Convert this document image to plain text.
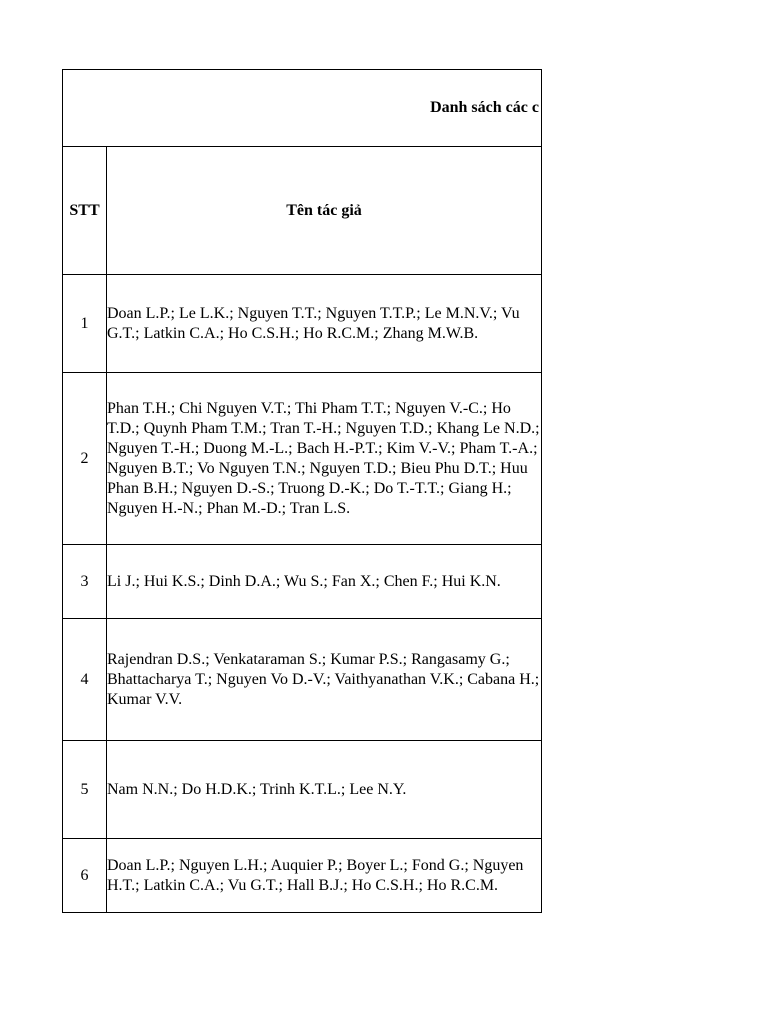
Danh sách các c	
STT	Tên tác giả
1	Doan L.P.; Le L.K.; Nguyen T.T.; Nguyen T.T.P.; Le M.N.V.; Vu G.T.; Latkin C.A.; Ho C.S.H.; Ho R.C.M.; Zhang M.W.B.
2	Phan T.H.; Chi Nguyen V.T.; Thi Pham T.T.; Nguyen V.-C.; Ho T.D.; Quynh Pham T.M.; Tran T.-H.; Nguyen T.D.; Khang Le N.D.; Nguyen T.-H.; Duong M.-L.; Bach H.-P.T.; Kim V.-V.; Pham T.-A.; Nguyen B.T.; Vo Nguyen T.N.; Nguyen T.D.; Bieu Phu D.T.; Huu Phan B.H.; Nguyen D.-S.; Truong D.-K.; Do T.-T.T.; Giang H.; Nguyen H.-N.; Phan M.-D.; Tran L.S.
3	Li J.; Hui K.S.; Dinh D.A.; Wu S.; Fan X.; Chen F.; Hui K.N.
4	Rajendran D.S.; Venkataraman S.; Kumar P.S.; Rangasamy G.; Bhattacharya T.; Nguyen Vo D.-V.; Vaithyanathan V.K.; Cabana H.; Kumar V.V.
5	Nam N.N.; Do H.D.K.; Trinh K.T.L.; Lee N.Y.
6	Doan L.P.; Nguyen L.H.; Auquier P.; Boyer L.; Fond G.; Nguyen H.T.; Latkin C.A.; Vu G.T.; Hall B.J.; Ho C.S.H.; Ho R.C.M.
